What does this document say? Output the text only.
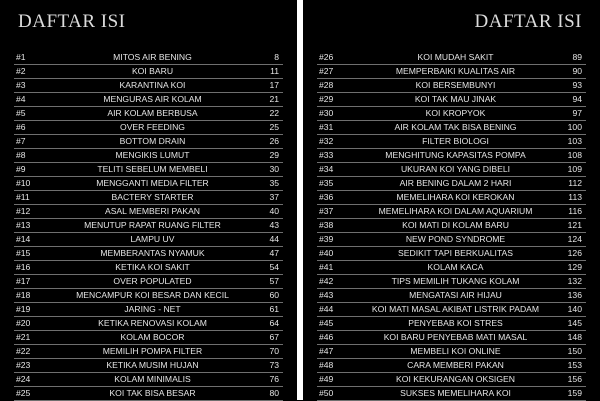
DAFTAR ISI
#1	MITOS AIR BENING	8
#2	KOI BARU	11
#3	KARANTINA KOI	17
#4	MENGURAS AIR KOLAM	21
#5	AIR KOLAM BERBUSA	22
#6	OVER FEEDING	25
#7	BOTTOM DRAIN	26
#8	MENGIKIS LUMUT	29
#9	TELITI SEBELUM MEMBELI	30
#10	MENGGANTI MEDIA FILTER	35
#11	BACTERY STARTER	37
#12	ASAL MEMBERI PAKAN	40
#13	MENUTUP RAPAT RUANG FILTER	43
#14	LAMPU UV	44
#15	MEMBERANTAS NYAMUK	47
#16	KETIKA KOI SAKIT	54
#17	OVER POPULATED	57
#18	MENCAMPUR KOI BESAR DAN KECIL	60
#19	JARING - NET	61
#20	KETIKA RENOVASI KOLAM	64
#21	KOLAM BOCOR	67
#22	MEMILIH POMPA FILTER	70
#23	KETIKA MUSIM HUJAN	73
#24	KOLAM MINIMALIS	76
#25	KOI TAK BISA BESAR	80
DAFTAR ISI
#26	KOI MUDAH SAKIT	89
#27	MEMPERBAIKI KUALITAS AIR	90
#28	KOI BERSEMBUNYI	93
#29	KOI TAK MAU JINAK	94
#30	KOI KROPYOK	97
#31	AIR KOLAM TAK BISA BENING	100
#32	FILTER BIOLOGI	103
#33	MENGHITUNG KAPASITAS POMPA	108
#34	UKURAN KOI YANG DIBELI	109
#35	AIR BENING DALAM 2 HARI	112
#36	MEMELIHARA KOI KEROKAN	113
#37	MEMELIHARA KOI DALAM AQUARIUM	116
#38	KOI MATI DI KOLAM BARU	121
#39	NEW POND SYNDROME	124
#40	SEDIKIT TAPI BERKUALITAS	126
#41	KOLAM KACA	129
#42	TIPS MEMILIH TUKANG KOLAM	132
#43	MENGATASI AIR HIJAU	136
#44	KOI MATI MASAL AKIBAT LISTRIK PADAM	140
#45	PENYEBAB KOI STRES	145
#46	KOI BARU PENYEBAB MATI MASAL	148
#47	MEMBELI KOI ONLINE	150
#48	CARA MEMBERI PAKAN	153
#49	KOI KEKURANGAN OKSIGEN	156
#50	SUKSES MEMELIHARA KOI	159
